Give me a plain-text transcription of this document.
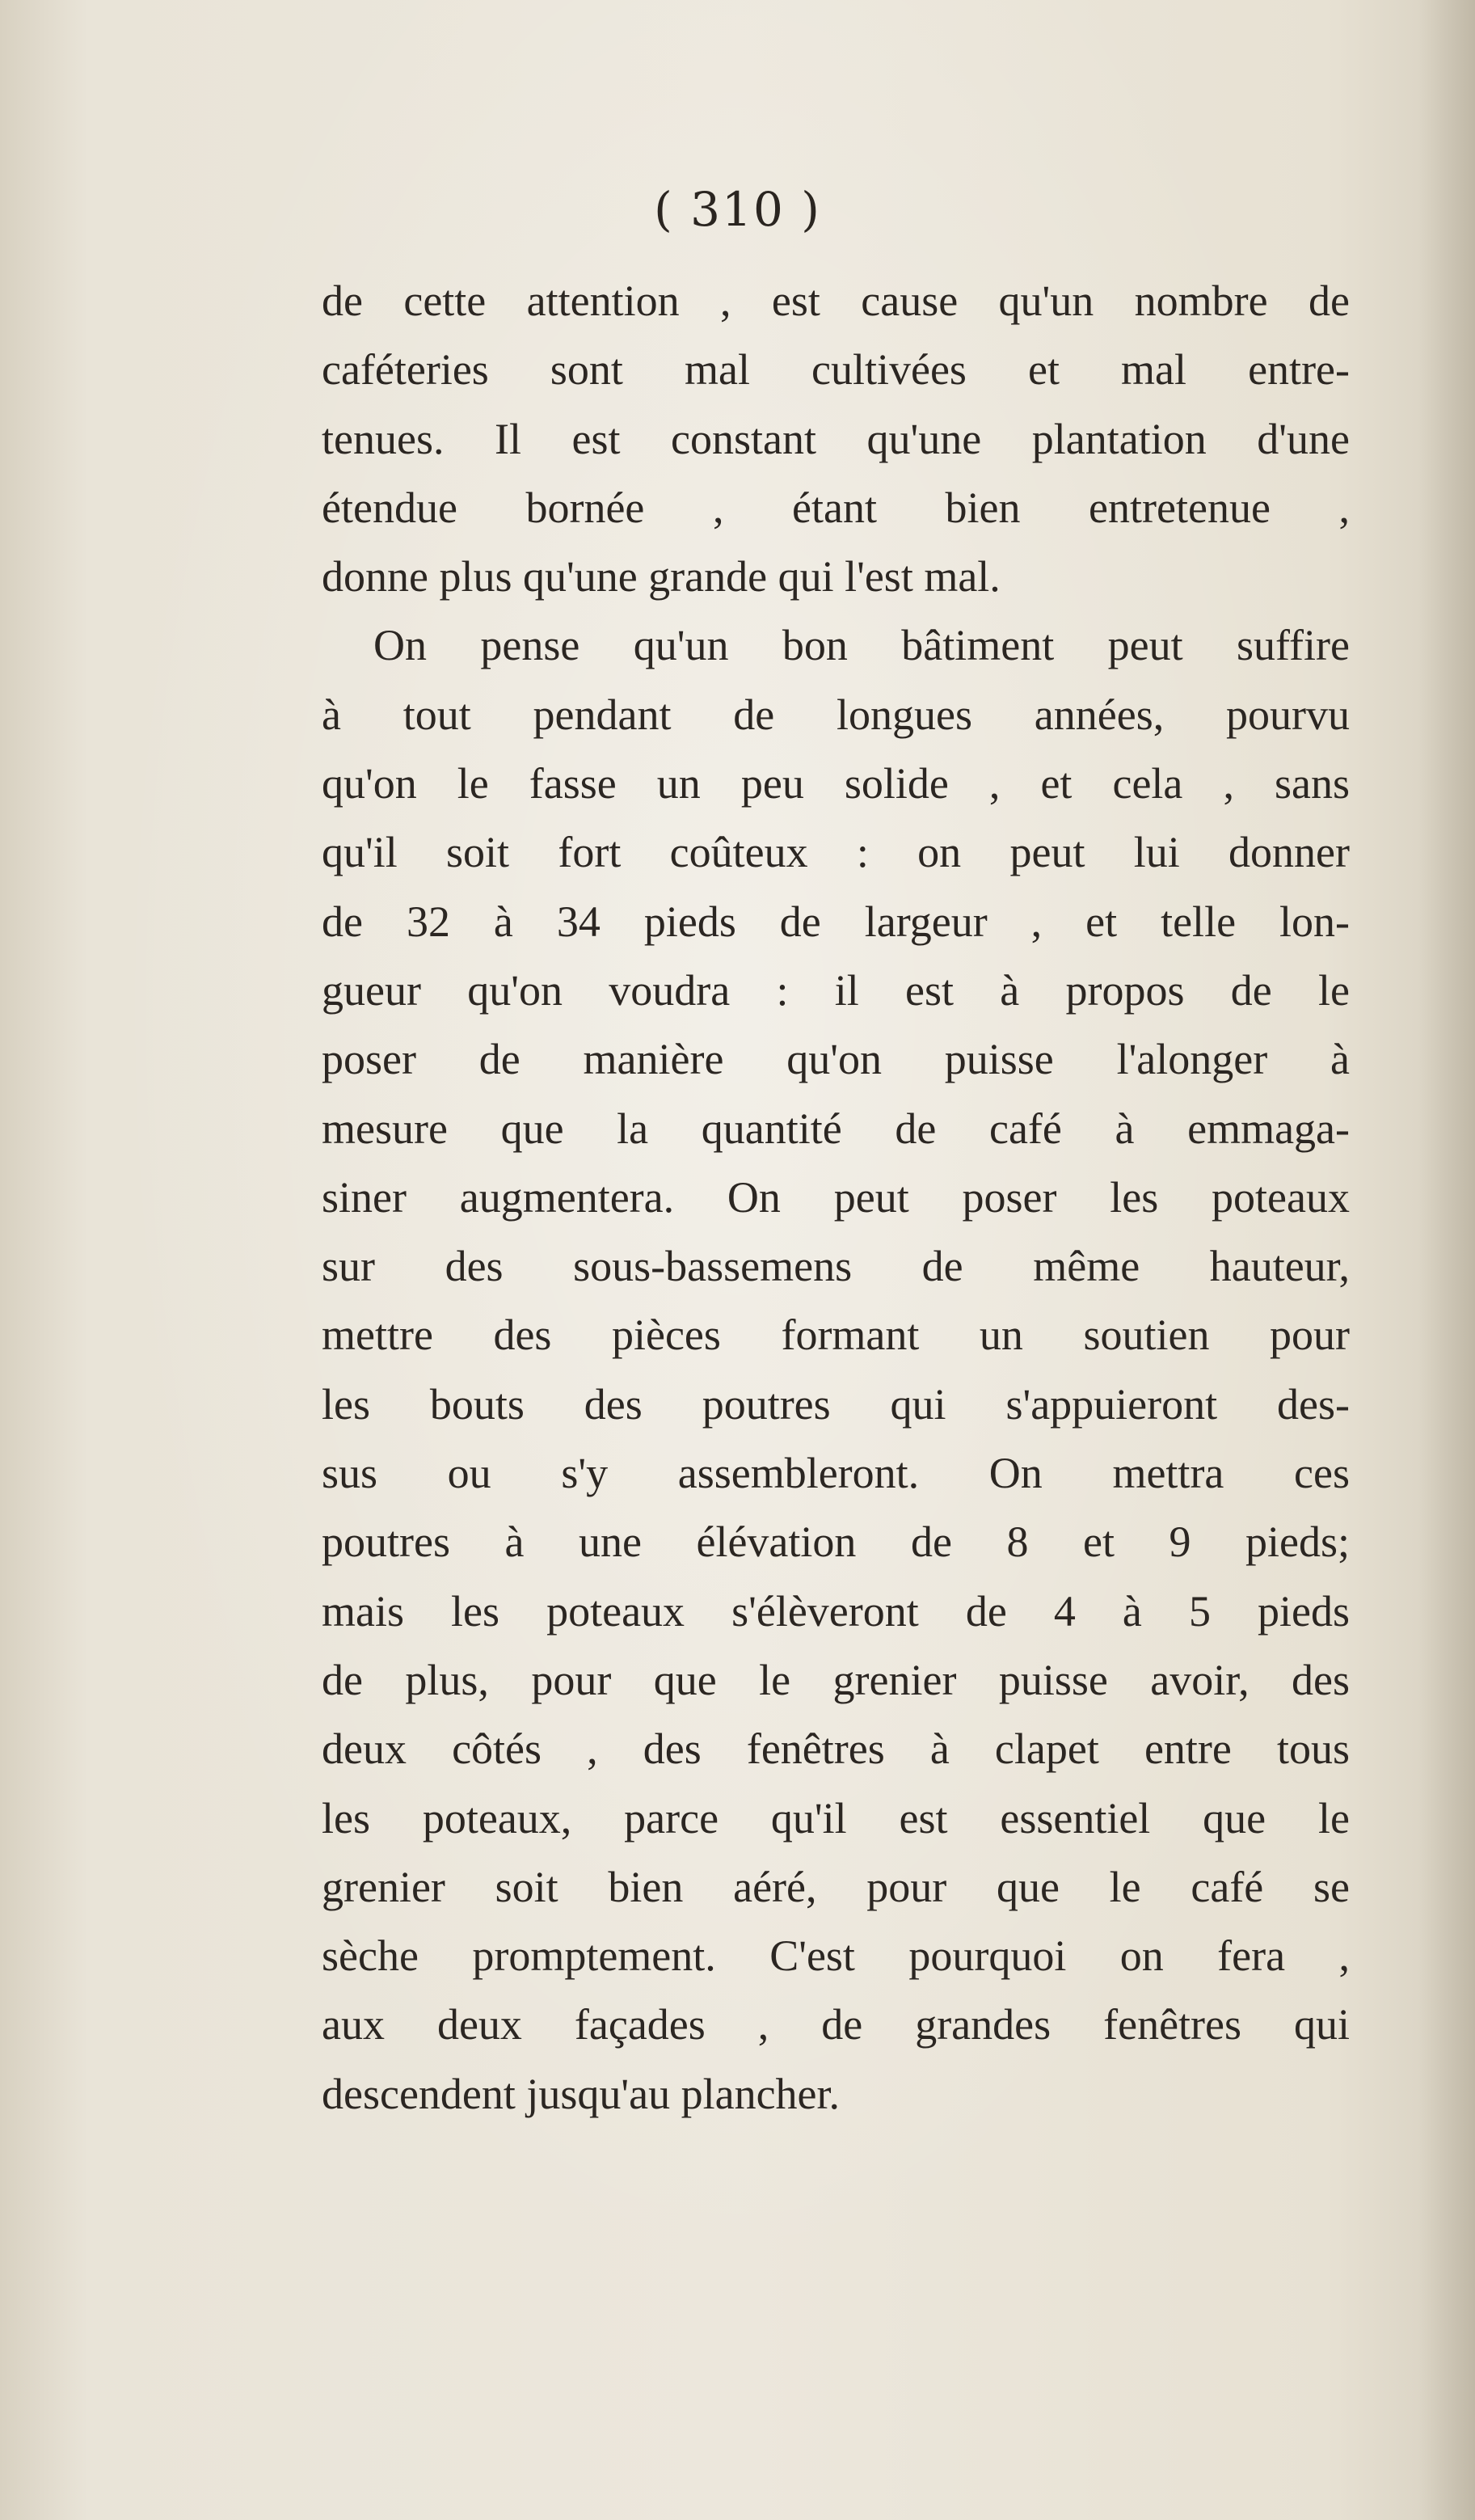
( 310 )
de cette attention , est cause qu'un nombre de
caféteries sont mal cultivées et mal entre-
tenues. Il est constant qu'une plantation d'une
étendue bornée , étant bien entretenue ,
donne plus qu'une grande qui l'est mal.
On pense qu'un bon bâtiment peut suffire
à tout pendant de longues années, pourvu
qu'on le fasse un peu solide , et cela , sans
qu'il soit fort coûteux : on peut lui donner
de 32 à 34 pieds de largeur , et telle lon-
gueur qu'on voudra : il est à propos de le
poser de manière qu'on puisse l'alonger à
mesure que la quantité de café à emmaga-
siner augmentera. On peut poser les poteaux
sur des sous-bassemens de même hauteur,
mettre des pièces formant un soutien pour
les bouts des poutres qui s'appuieront des-
sus ou s'y assembleront. On mettra ces
poutres à une élévation de 8 et 9 pieds;
mais les poteaux s'élèveront de 4 à 5 pieds
de plus, pour que le grenier puisse avoir, des
deux côtés , des fenêtres à clapet entre tous
les poteaux, parce qu'il est essentiel que le
grenier soit bien aéré, pour que le café se
sèche promptement. C'est pourquoi on fera ,
aux deux façades , de grandes fenêtres qui
descendent jusqu'au plancher.
